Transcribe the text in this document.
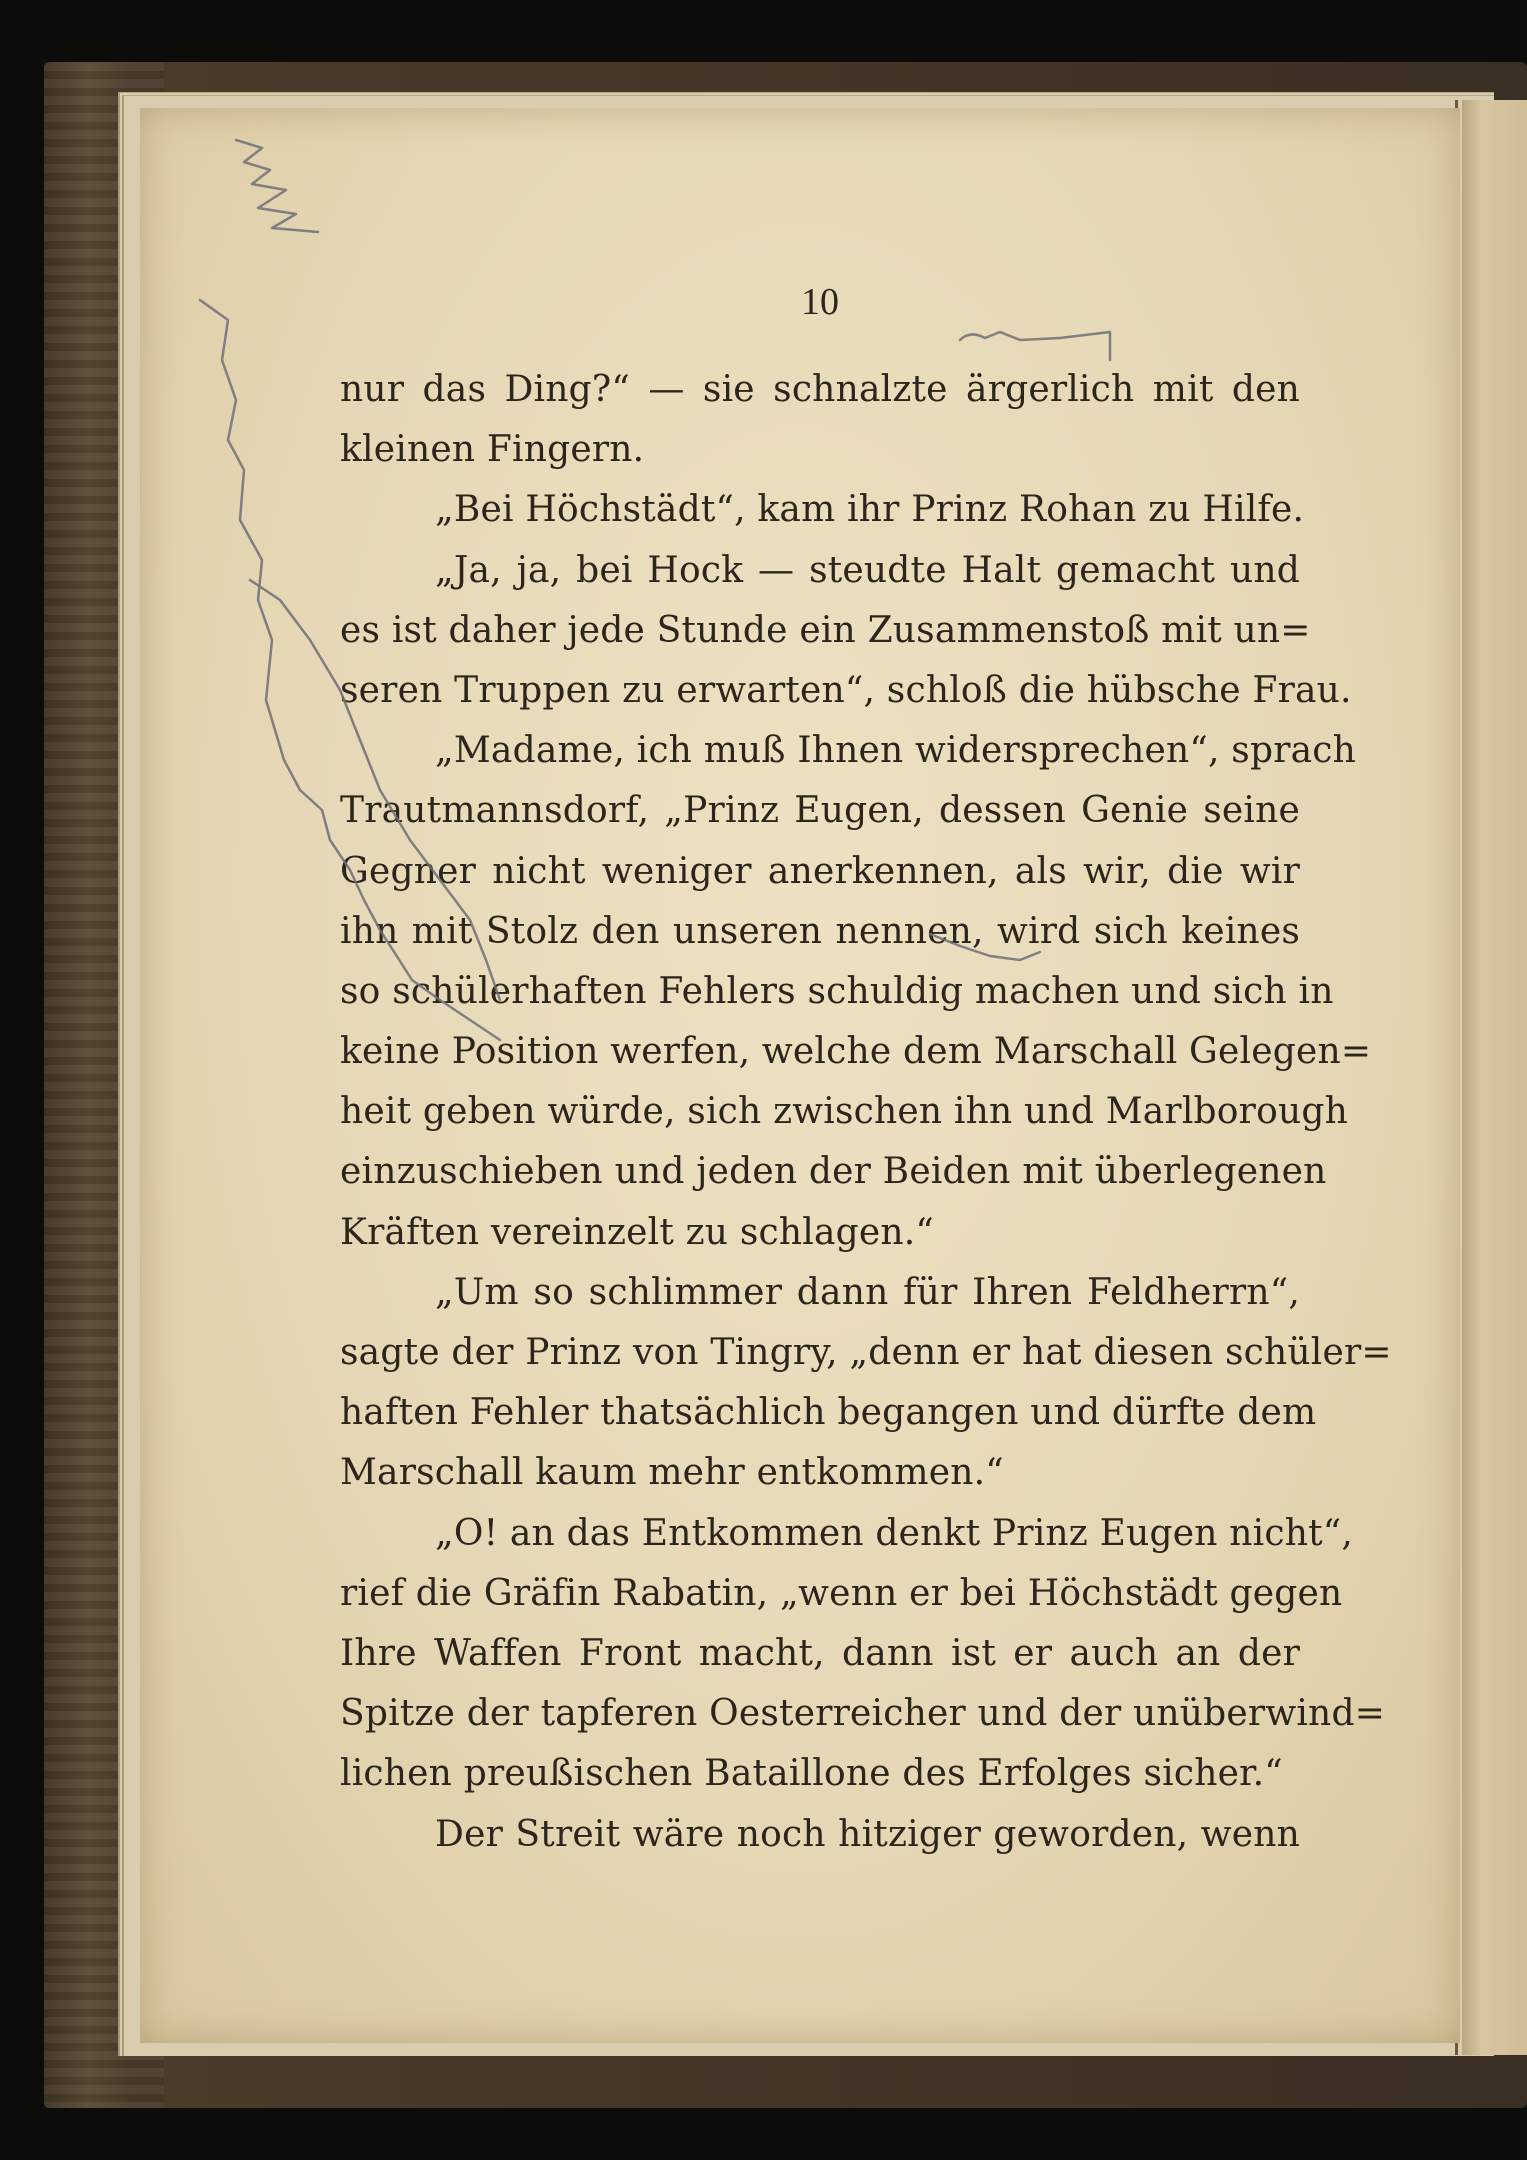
10
nur das Ding?“ — sie schnalzte ärgerlich mit den
kleinen Fingern.
„Bei Höchstädt“, kam ihr Prinz Rohan zu Hilfe.
„Ja, ja, bei Hock — steudte Halt gemacht und
es ist daher jede Stunde ein Zusammenstoß mit un=
seren Truppen zu erwarten“, schloß die hübsche Frau.
„Madame, ich muß Ihnen widersprechen“, sprach
Trautmannsdorf, „Prinz Eugen, dessen Genie seine
Gegner nicht weniger anerkennen, als wir, die wir
ihn mit Stolz den unseren nennen, wird sich keines
so schülerhaften Fehlers schuldig machen und sich in
keine Position werfen, welche dem Marschall Gelegen=
heit geben würde, sich zwischen ihn und Marlborough
einzuschieben und jeden der Beiden mit überlegenen
Kräften vereinzelt zu schlagen.“
„Um so schlimmer dann für Ihren Feldherrn“,
sagte der Prinz von Tingry, „denn er hat diesen schüler=
haften Fehler thatsächlich begangen und dürfte dem
Marschall kaum mehr entkommen.“
„O! an das Entkommen denkt Prinz Eugen nicht“,
rief die Gräfin Rabatin, „wenn er bei Höchstädt gegen
Ihre Waffen Front macht, dann ist er auch an der
Spitze der tapferen Oesterreicher und der unüberwind=
lichen preußischen Bataillone des Erfolges sicher.“
Der Streit wäre noch hitziger geworden, wenn
